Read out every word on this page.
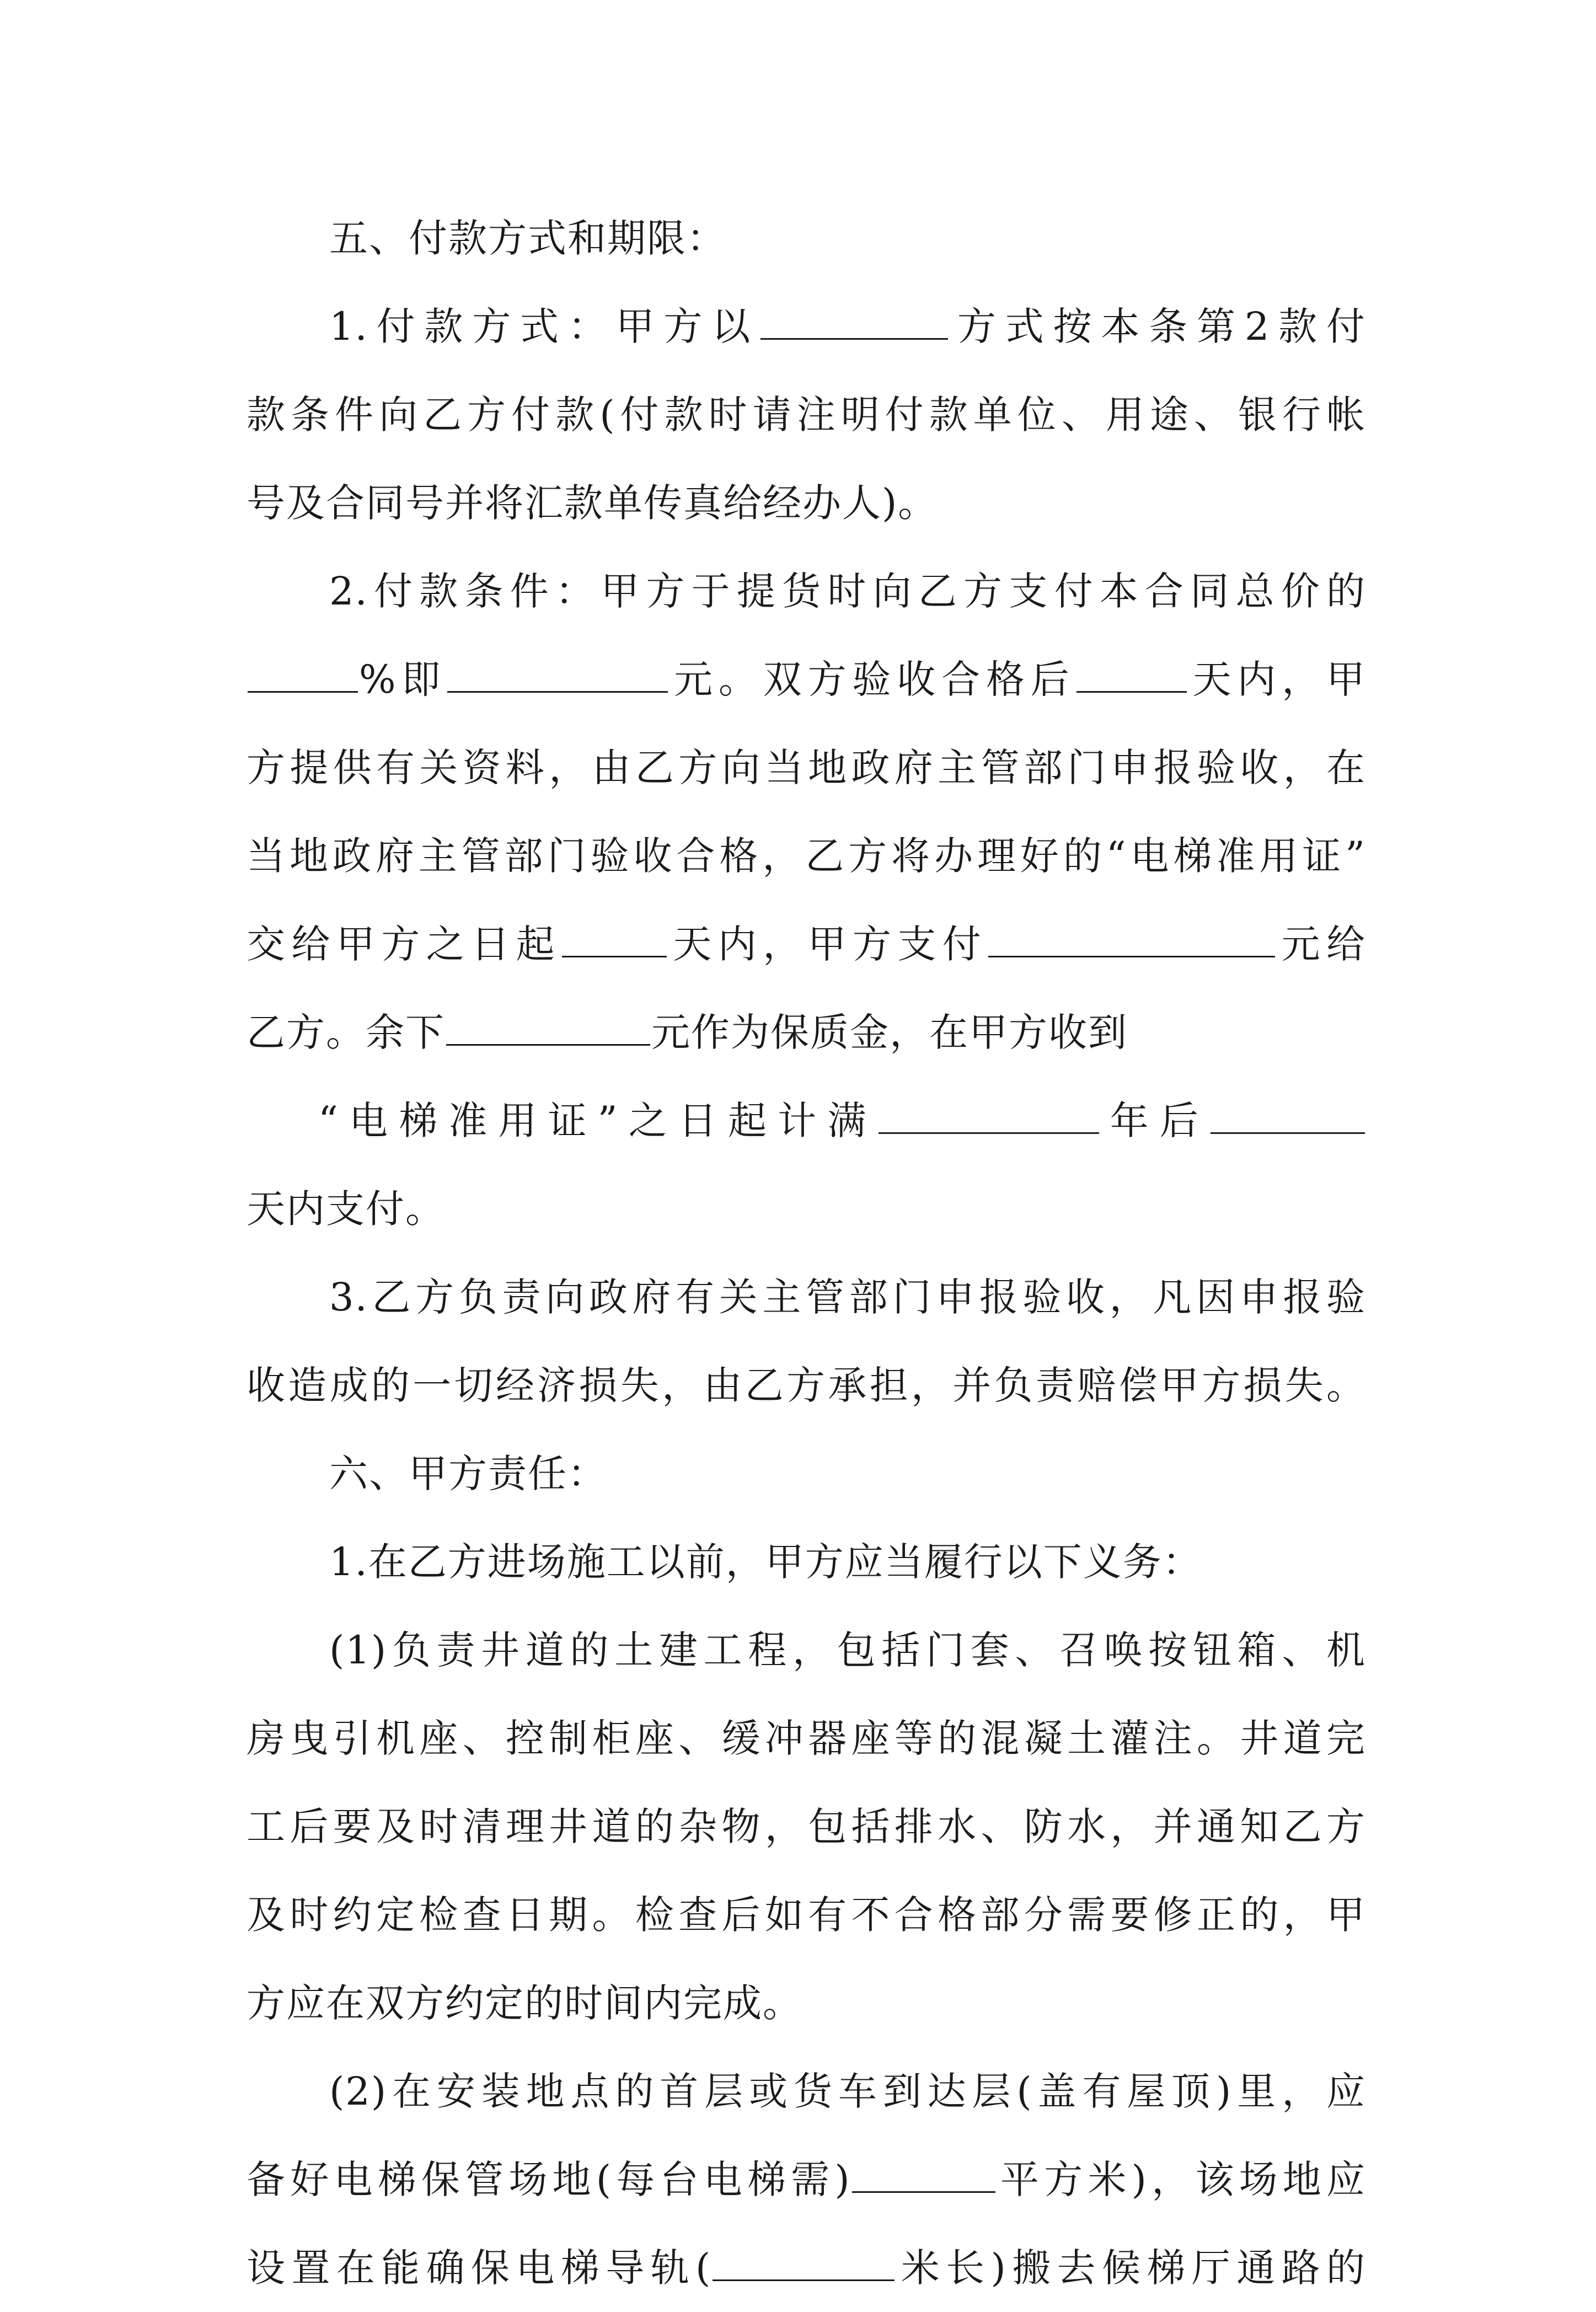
五、付款方式和期限：
1.付款方式：甲方以	方式按本条第2款付
款条件向乙方付款(付款时请注明付款单位、用途、银行帐
号及合同号并将汇款单传真给经办人)。
2.付款条件：甲方于提货时向乙方支付本合同总价的
%即	元。双方验收合格后	天内，甲
方提供有关资料，由乙方向当地政府主管部门申报验收，在
当地政府主管部门验收合格，乙方将办理好的“电梯准用证”
交给甲方之日起	天内，甲方支付	元给
乙方。余下	元作为保质金，在甲方收到
“电梯准用证”之日起计满	年后
天内支付。
3.乙方负责向政府有关主管部门申报验收，凡因申报验
收造成的一切经济损失，由乙方承担，并负责赔偿甲方损失。
六、甲方责任：
1.在乙方进场施工以前，甲方应当履行以下义务：
(1)负责井道的土建工程，包括门套、召唤按钮箱、机
房曳引机座、控制柜座、缓冲器座等的混凝土灌注。井道完
工后要及时清理井道的杂物，包括排水、防水，并通知乙方
及时约定检查日期。检查后如有不合格部分需要修正的，甲
方应在双方约定的时间内完成。
(2)在安装地点的首层或货车到达层(盖有屋顶)里，应
备好电梯保管场地(每台电梯需)	平方米)，该场地应
设置在能确保电梯导轨(	米长)搬去候梯厅通路的
